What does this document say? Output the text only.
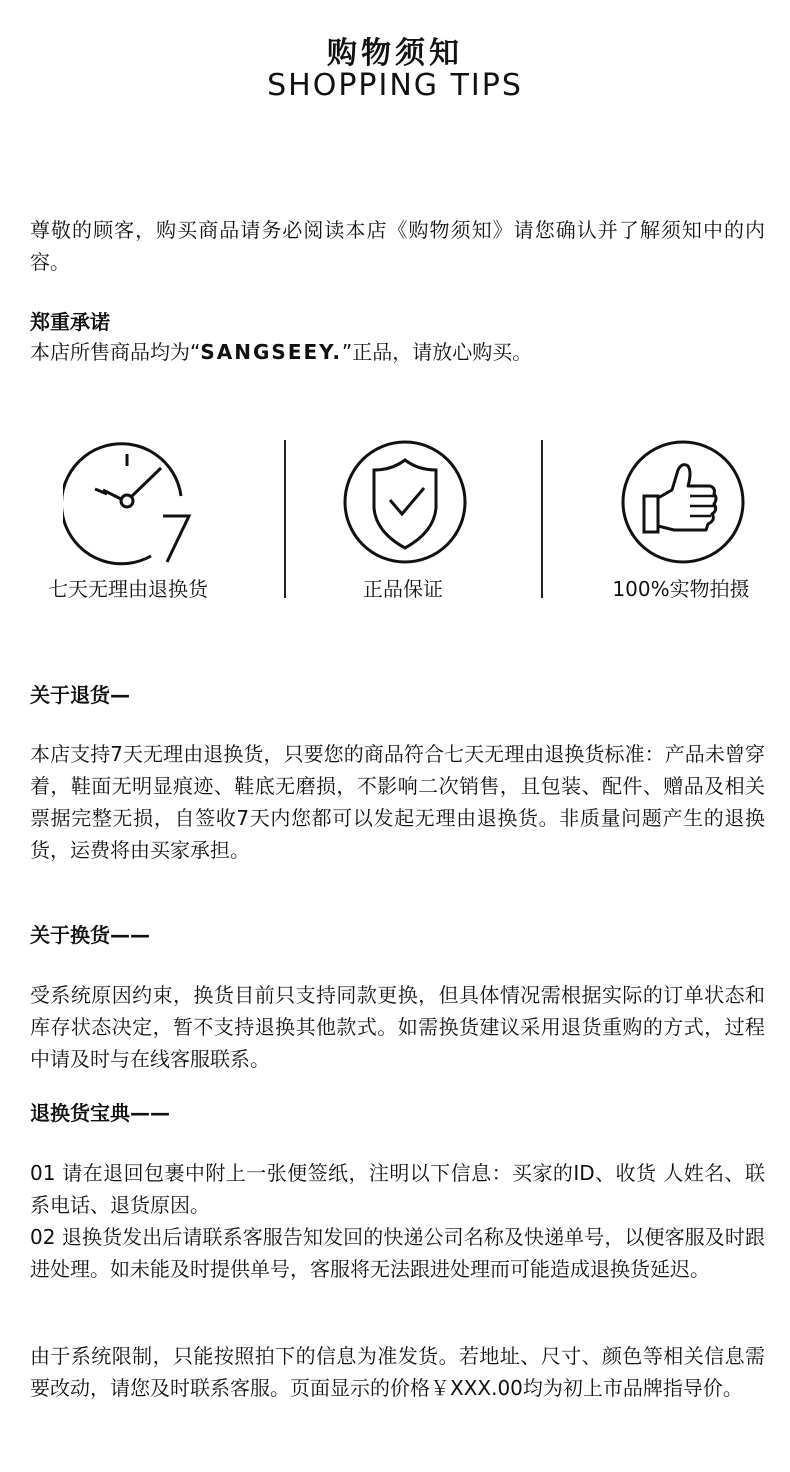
购物须知
SHOPPING TIPS

尊敬的顾客，购买商品请务必阅读本店《购物须知》请您确认并了解须知中的内容。

郑重承诺

本店所售商品均为“SANGSEEY.”正品，请放心购买。

七天无理由退换货	正品保证	100%实物拍摄

关于退货—

本店支持7天无理由退换货，只要您的商品符合七天无理由退换货标准：产品未曾穿着，鞋面无明显痕迹、鞋底无磨损，不影响二次销售，且包装、配件、赠品及相关票据完整无损，自签收7天内您都可以发起无理由退换货。非质量问题产生的退换货，运费将由买家承担。

关于换货——

受系统原因约束，换货目前只支持同款更换，但具体情况需根据实际的订单状态和库存状态决定，暂不支持退换其他款式。如需换货建议采用退货重购的方式，过程中请及时与在线客服联系。

退换货宝典——

01 请在退回包裹中附上一张便签纸，注明以下信息：买家的ID、收货 人姓名、联系电话、退货原因。

02 退换货发出后请联系客服告知发回的快递公司名称及快递单号，以便客服及时跟进处理。如未能及时提供单号，客服将无法跟进处理而可能造成退换货延迟。

由于系统限制，只能按照拍下的信息为准发货。若地址、尺寸、颜色等相关信息需要改动，请您及时联系客服。页面显示的价格￥XXX.00均为初上市品牌指导价。
